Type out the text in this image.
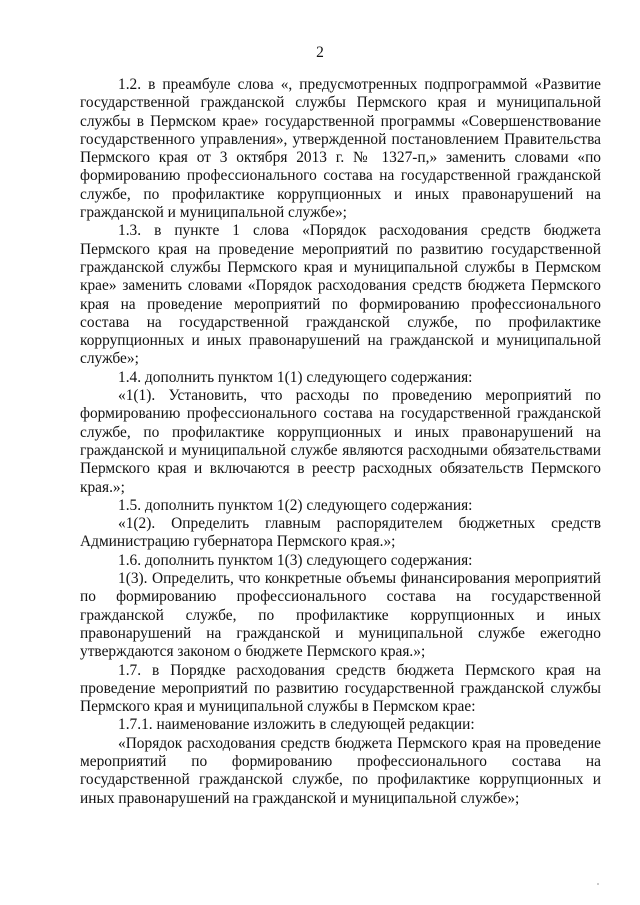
2

1.2. в преамбуле слова «, предусмотренных подпрограммой «Развитие государственной гражданской службы Пермского края и муниципальной службы в Пермском крае» государственной программы «Совершенствование государственного управления», утвержденной постановлением Правительства Пермского края от 3 октября 2013 г. № 1327-п,» заменить словами «по формированию профессионального состава на государственной гражданской службе, по профилактике коррупционных и иных правонарушений на гражданской и муниципальной службе»;

1.3. в пункте 1 слова «Порядок расходования средств бюджета Пермского края на проведение мероприятий по развитию государственной гражданской службы Пермского края и муниципальной службы в Пермском крае» заменить словами «Порядок расходования средств бюджета Пермского края на проведение мероприятий по формированию профессионального состава на государственной гражданской службе, по профилактике коррупционных и иных правонарушений на гражданской и муниципальной службе»;

1.4. дополнить пунктом 1(1) следующего содержания:

«1(1). Установить, что расходы по проведению мероприятий по формированию профессионального состава на государственной гражданской службе, по профилактике коррупционных и иных правонарушений на гражданской и муниципальной службе являются расходными обязательствами Пермского края и включаются в реестр расходных обязательств Пермского края.»;

1.5. дополнить пунктом 1(2) следующего содержания:

«1(2). Определить главным распорядителем бюджетных средств Администрацию губернатора Пермского края.»;

1.6. дополнить пунктом 1(3) следующего содержания:

1(3). Определить, что конкретные объемы финансирования мероприятий по формированию профессионального состава на государственной гражданской службе, по профилактике коррупционных и иных правонарушений на гражданской и муниципальной службе ежегодно утверждаются законом о бюджете Пермского края.»;

1.7. в Порядке расходования средств бюджета Пермского края на проведение мероприятий по развитию государственной гражданской службы Пермского края и муниципальной службы в Пермском крае:

1.7.1. наименование изложить в следующей редакции:

«Порядок расходования средств бюджета Пермского края на проведение мероприятий по формированию профессионального состава на государственной гражданской службе, по профилактике коррупционных и иных правонарушений на гражданской и муниципальной службе»;
